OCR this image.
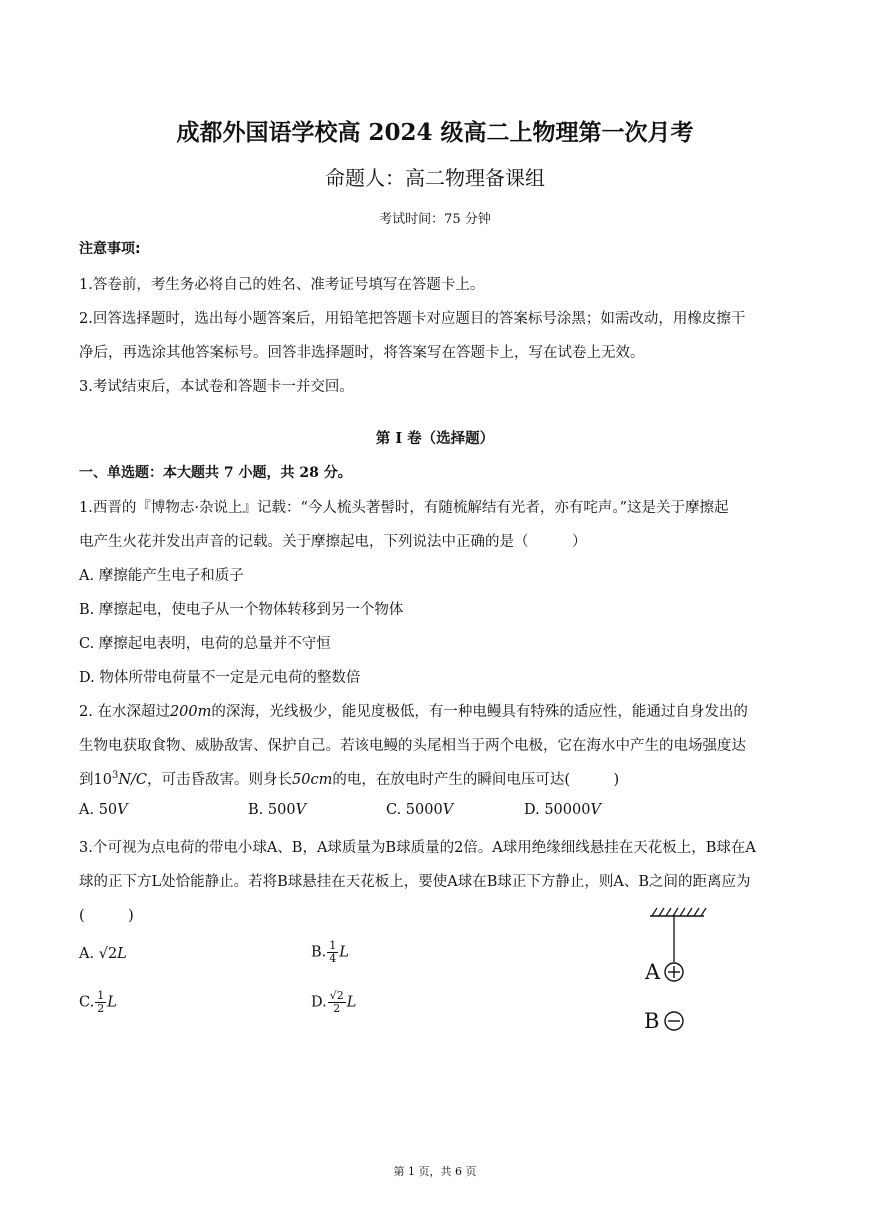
成都外国语学校高 2024 级高二上物理第一次月考
命题人：高二物理备课组
考试时间：75 分钟
注意事项:
1.答卷前，考生务必将自己的姓名、准考证号填写在答题卡上。
2.回答选择题时，选出每小题答案后，用铅笔把答题卡对应题目的答案标号涂黑；如需改动，用橡皮擦干
净后，再选涂其他答案标号。回答非选择题时，将答案写在答题卡上，写在试卷上无效。
3.考试结束后，本试卷和答题卡一并交回。
第 I 卷（选择题）
一、单选题：本大题共 7 小题，共 28 分。
1.西晋的『博物志·杂说上』记载：“今人梳头著髻时，有随梳解结有光者，亦有咤声。”这是关于摩擦起
电产生火花并发出声音的记载。关于摩擦起电，下列说法中正确的是（　　　）
A. 摩擦能产生电子和质子
B. 摩擦起电，使电子从一个物体转移到另一个物体
C. 摩擦起电表明，电荷的总量并不守恒
D. 物体所带电荷量不一定是元电荷的整数倍
2. 在水深超过200m的深海，光线极少，能见度极低，有一种电鳗具有特殊的适应性，能通过自身发出的
生物电获取食物、威胁敌害、保护自己。若该电鳗的头尾相当于两个电极，它在海水中产生的电场强度达
到$10^3N/C$，可击昏敌害。则身长50cm的电，在放电时产生的瞬间电压可达(　　　)
A. 50V	B. 500V	C. 5000V	D. 50000V
3.个可视为点电荷的带电小球A、B，A球质量为B球质量的2倍。A球用绝缘细线悬挂在天花板上，B球在A
球的正下方L处恰能静止。若将B球悬挂在天花板上，要使A球在B球正下方静止，则A、B之间的距离应为
(　　　)
A. √2L	B. $\frac{1}{4}$ L
C. $\frac{1}{2}$ L	D. $\frac{√2}{2}$ L
A
B
第 1 页，共 6 页
